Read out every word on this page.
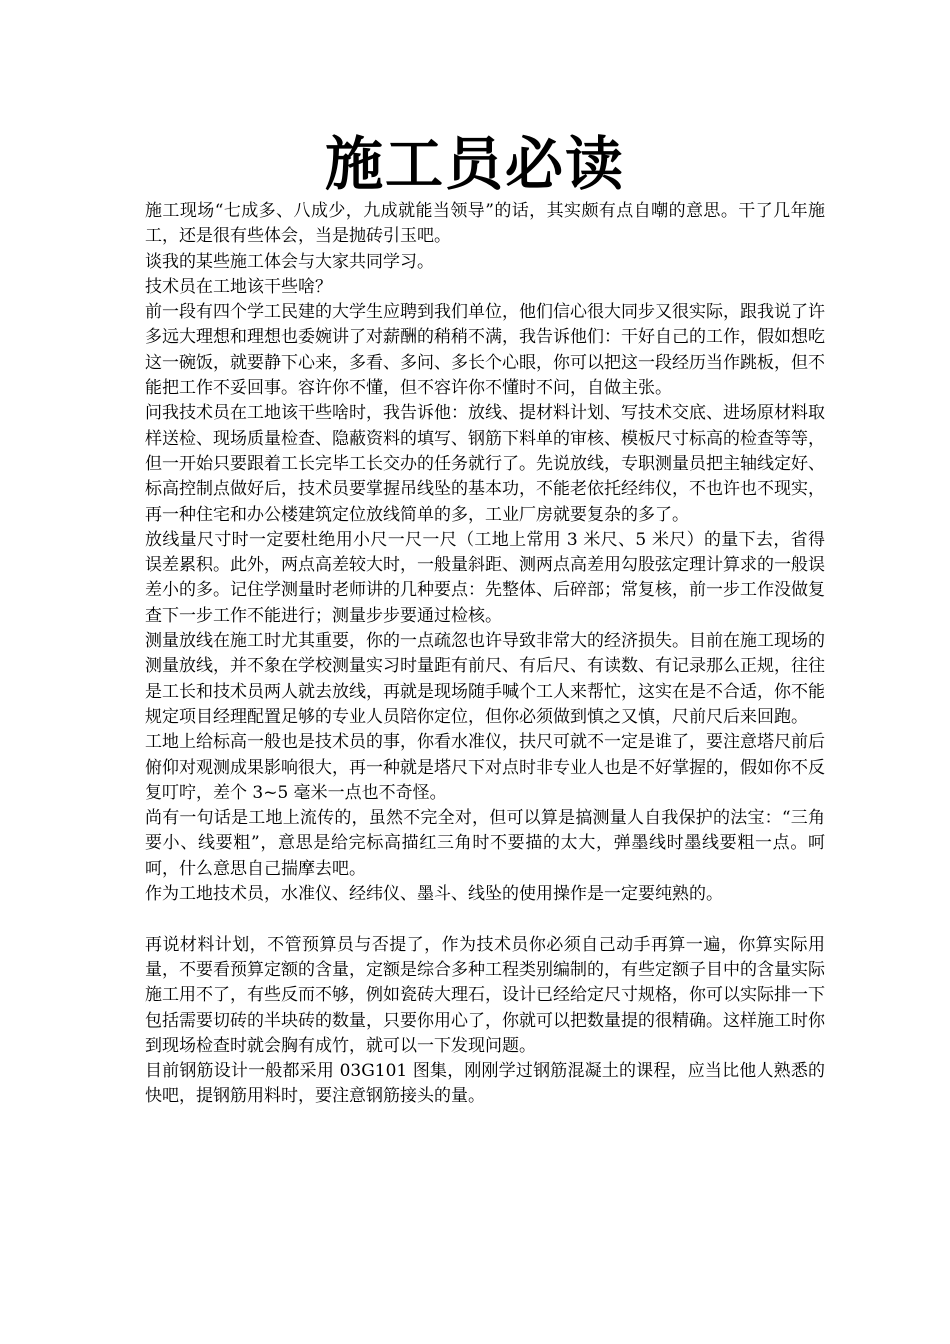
施工员必读

施工现场“七成多、八成少，九成就能当领导”的话，其实颇有点自嘲的意思。干了几年施工，还是很有些体会，当是抛砖引玉吧。

谈我的某些施工体会与大家共同学习。

技术员在工地该干些啥？

前一段有四个学工民建的大学生应聘到我们单位，他们信心很大同步又很实际，跟我说了许多远大理想和理想也委婉讲了对薪酬的稍稍不满，我告诉他们：干好自己的工作，假如想吃这一碗饭，就要静下心来，多看、多问、多长个心眼，你可以把这一段经历当作跳板，但不能把工作不妥回事。容许你不懂，但不容许你不懂时不问，自做主张。

问我技术员在工地该干些啥时，我告诉他：放线、提材料计划、写技术交底、进场原材料取样送检、现场质量检查、隐蔽资料的填写、钢筋下料单的审核、模板尺寸标高的检查等等，但一开始只要跟着工长完毕工长交办的任务就行了。先说放线，专职测量员把主轴线定好、标高控制点做好后，技术员要掌握吊线坠的基本功，不能老依托经纬仪，不也许也不现实，再一种住宅和办公楼建筑定位放线简单的多，工业厂房就要复杂的多了。

放线量尺寸时一定要杜绝用小尺一尺一尺（工地上常用 3 米尺、5 米尺）的量下去，省得误差累积。此外，两点高差较大时，一般量斜距、测两点高差用勾股弦定理计算求的一般误差小的多。记住学测量时老师讲的几种要点：先整体、后碎部；常复核，前一步工作没做复查下一步工作不能进行；测量步步要通过检核。

测量放线在施工时尤其重要，你的一点疏忽也许导致非常大的经济损失。目前在施工现场的测量放线，并不象在学校测量实习时量距有前尺、有后尺、有读数、有记录那么正规，往往是工长和技术员两人就去放线，再就是现场随手喊个工人来帮忙，这实在是不合适，你不能规定项目经理配置足够的专业人员陪你定位，但你必须做到慎之又慎，尺前尺后来回跑。

工地上给标高一般也是技术员的事，你看水准仪，扶尺可就不一定是谁了，要注意塔尺前后俯仰对观测成果影响很大，再一种就是塔尺下对点时非专业人也是不好掌握的，假如你不反复叮咛，差个 3~5 毫米一点也不奇怪。

尚有一句话是工地上流传的，虽然不完全对，但可以算是搞测量人自我保护的法宝：“三角要小、线要粗”，意思是给完标高描红三角时不要描的太大，弹墨线时墨线要粗一点。呵呵，什么意思自己揣摩去吧。

作为工地技术员，水准仪、经纬仪、墨斗、线坠的使用操作是一定要纯熟的。

再说材料计划，不管预算员与否提了，作为技术员你必须自己动手再算一遍，你算实际用量，不要看预算定额的含量，定额是综合多种工程类别编制的，有些定额子目中的含量实际施工用不了，有些反而不够，例如瓷砖大理石，设计已经给定尺寸规格，你可以实际排一下包括需要切砖的半块砖的数量，只要你用心了，你就可以把数量提的很精确。这样施工时你到现场检查时就会胸有成竹，就可以一下发现问题。

目前钢筋设计一般都采用 03G101 图集，刚刚学过钢筋混凝土的课程，应当比他人熟悉的快吧，提钢筋用料时，要注意钢筋接头的量。
